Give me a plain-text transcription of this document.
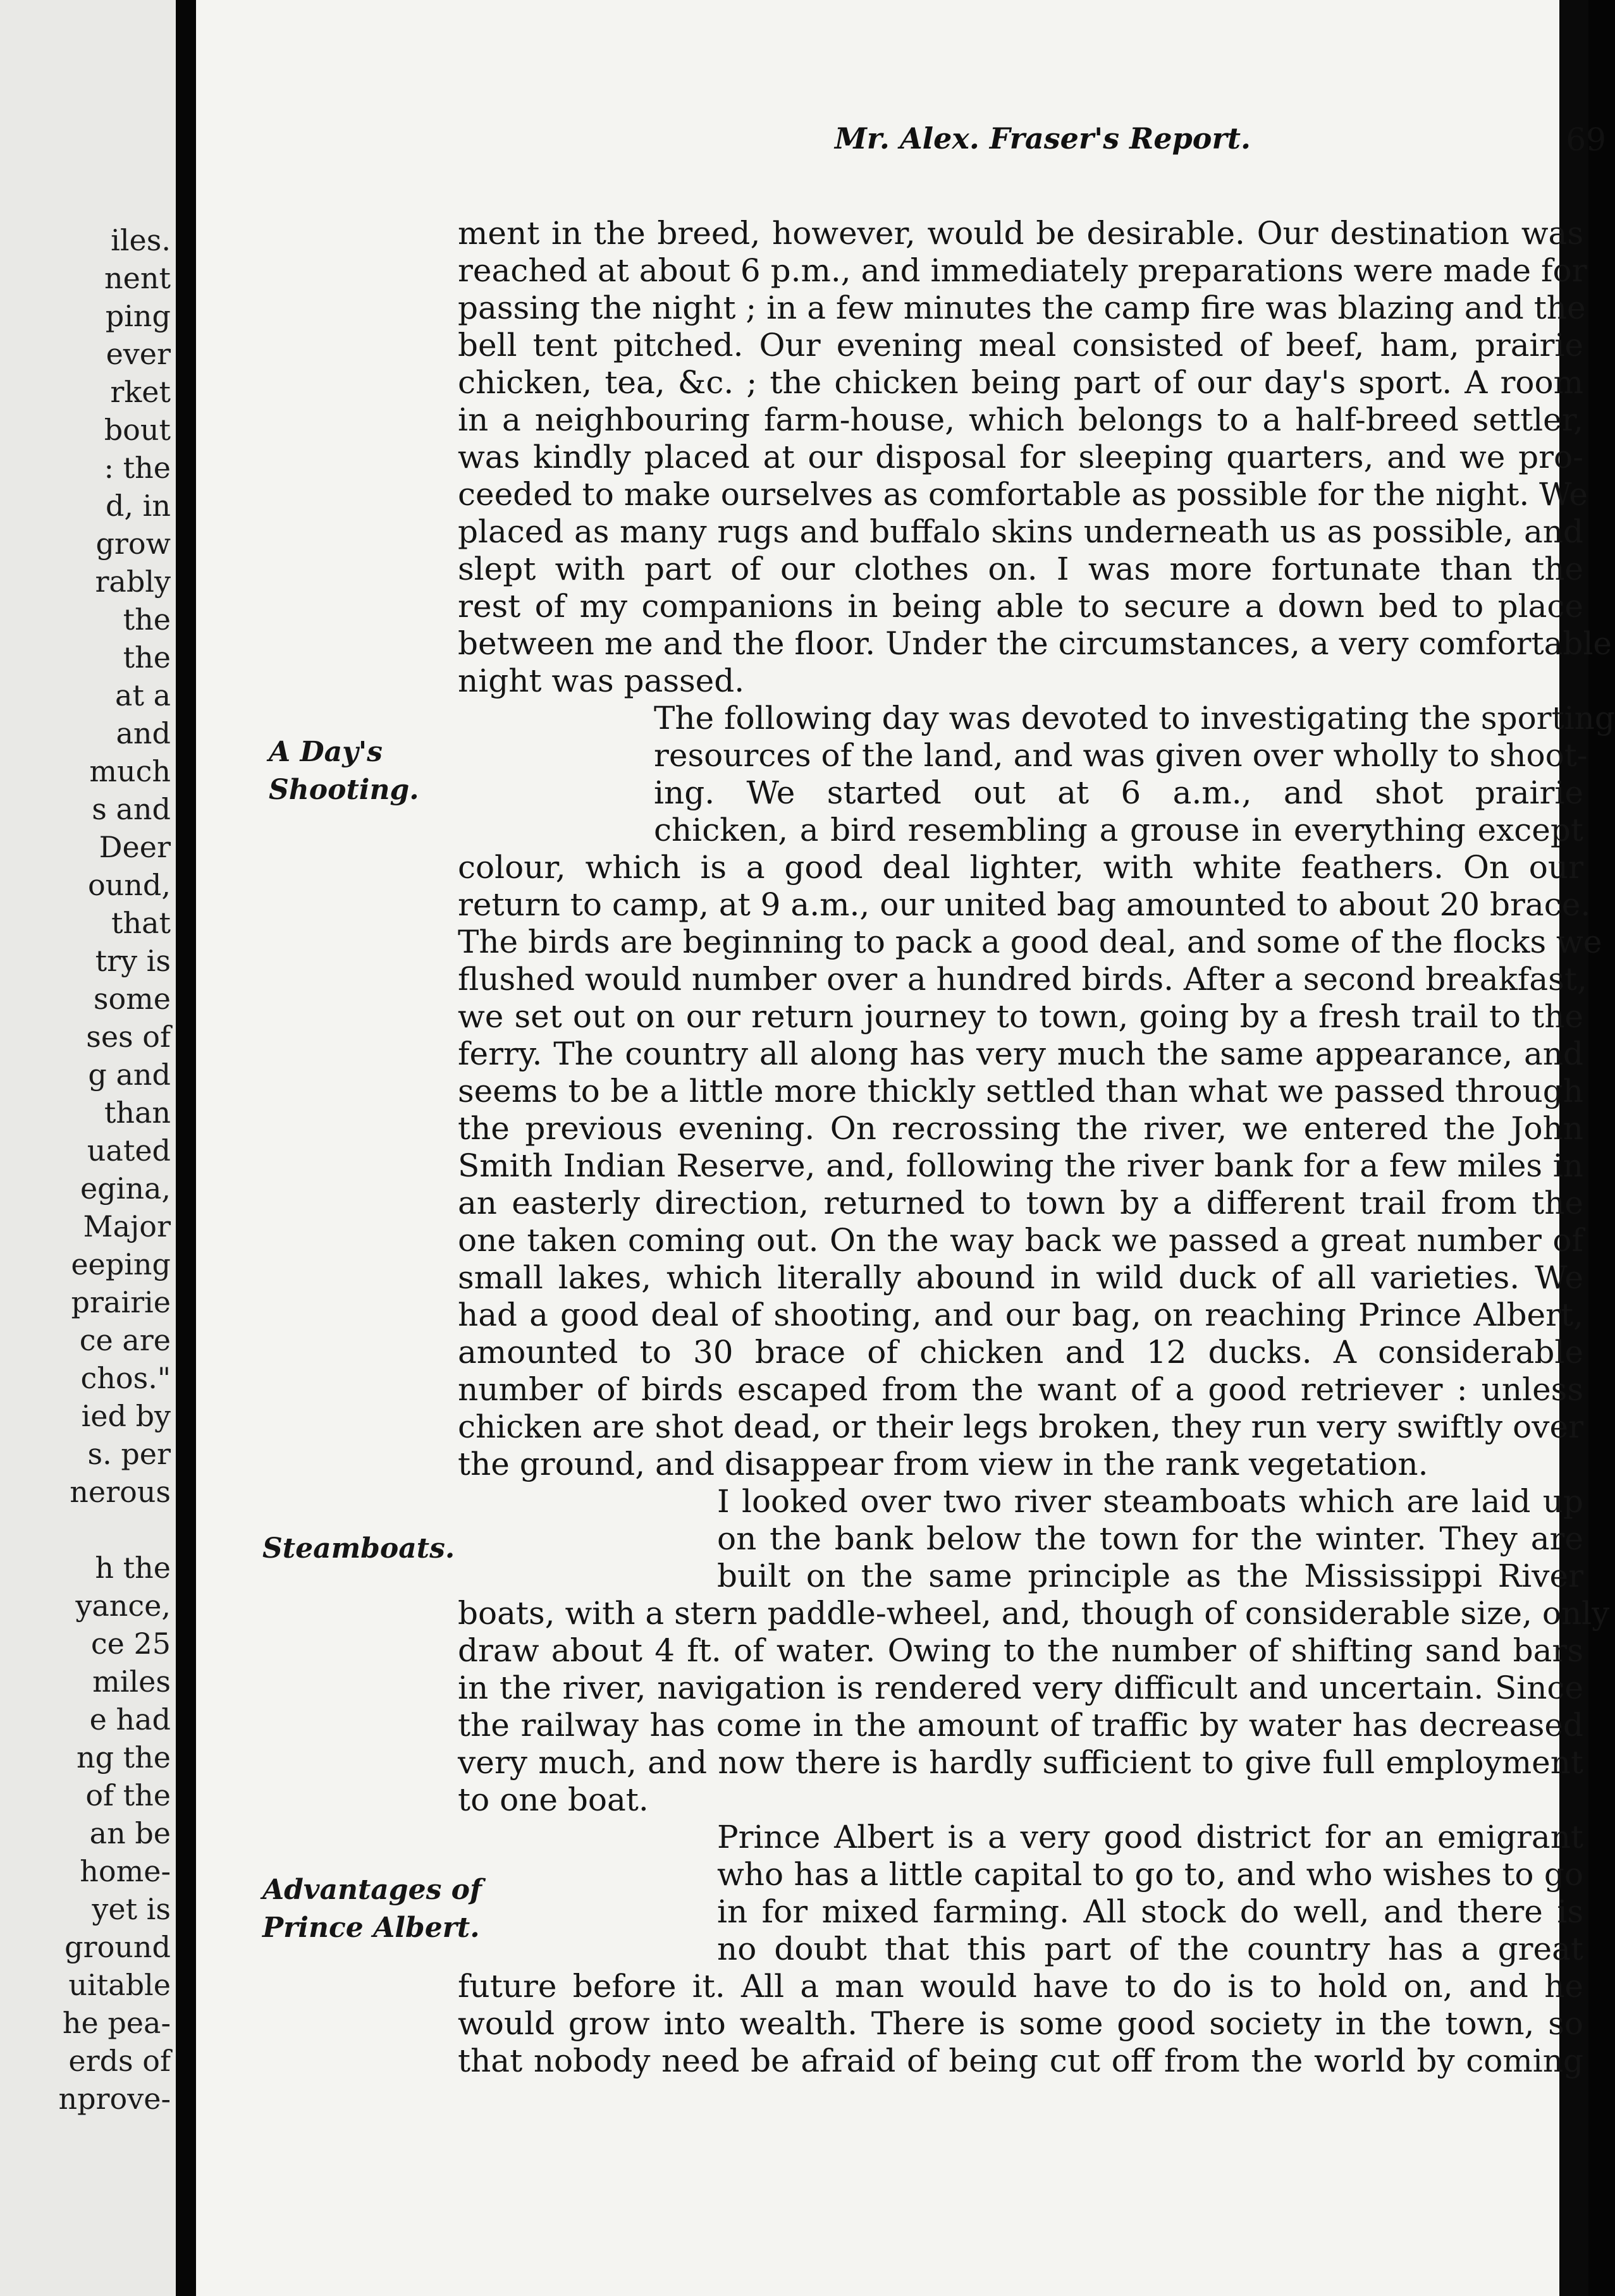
iles.
nent
ping
ever
rket
bout
: the
d, in
grow
rably
the
the
at a
and
much
s and
Deer
ound,
that
try is
some
ses of
g and
than
uated
egina,
Major
eeping
prairie
ce are
chos."
ied by
s. per
nerous
h the
yance,
ce 25
miles
e had
ng the
of the
an be
home-
yet is
ground
uitable
he pea-
erds of
nprove-
Mr. Alex. Fraser's Report.	69
A Day's
Shooting.
Steamboats.
Advantages of
Prince Albert.
ment in the breed, however, would be desirable. Our destination was
reached at about 6 p.m., and immediately preparations were made for
passing the night ; in a few minutes the camp fire was blazing and the
bell tent pitched. Our evening meal consisted of beef, ham, prairie
chicken, tea, &c. ; the chicken being part of our day's sport. A room
in a neighbouring farm-house, which belongs to a half-breed settler,
was kindly placed at our disposal for sleeping quarters, and we pro-
ceeded to make ourselves as comfortable as possible for the night. We
placed as many rugs and buffalo skins underneath us as possible, and
slept with part of our clothes on. I was more fortunate than the
rest of my companions in being able to secure a down bed to place
between me and the floor. Under the circumstances, a very comfortable
night was passed.
The following day was devoted to investigating the sporting
resources of the land, and was given over wholly to shoot-
ing. We started out at 6 a.m., and shot prairie
chicken, a bird resembling a grouse in everything except
colour, which is a good deal lighter, with white feathers. On our
return to camp, at 9 a.m., our united bag amounted to about 20 brace.
The birds are beginning to pack a good deal, and some of the flocks we
flushed would number over a hundred birds. After a second breakfast,
we set out on our return journey to town, going by a fresh trail to the
ferry. The country all along has very much the same appearance, and
seems to be a little more thickly settled than what we passed through
the previous evening. On recrossing the river, we entered the John
Smith Indian Reserve, and, following the river bank for a few miles in
an easterly direction, returned to town by a different trail from the
one taken coming out. On the way back we passed a great number of
small lakes, which literally abound in wild duck of all varieties. We
had a good deal of shooting, and our bag, on reaching Prince Albert,
amounted to 30 brace of chicken and 12 ducks. A considerable
number of birds escaped from the want of a good retriever : unless
chicken are shot dead, or their legs broken, they run very swiftly over
the ground, and disappear from view in the rank vegetation.
I looked over two river steamboats which are laid up
on the bank below the town for the winter. They are
built on the same principle as the Mississippi River
boats, with a stern paddle-wheel, and, though of considerable size, only
draw about 4 ft. of water. Owing to the number of shifting sand bars
in the river, navigation is rendered very difficult and uncertain. Since
the railway has come in the amount of traffic by water has decreased
very much, and now there is hardly sufficient to give full employment
to one boat.
Prince Albert is a very good district for an emigrant
who has a little capital to go to, and who wishes to go
in for mixed farming. All stock do well, and there is
no doubt that this part of the country has a great
future before it. All a man would have to do is to hold on, and he
would grow into wealth. There is some good society in the town, so
that nobody need be afraid of being cut off from the world by coming
